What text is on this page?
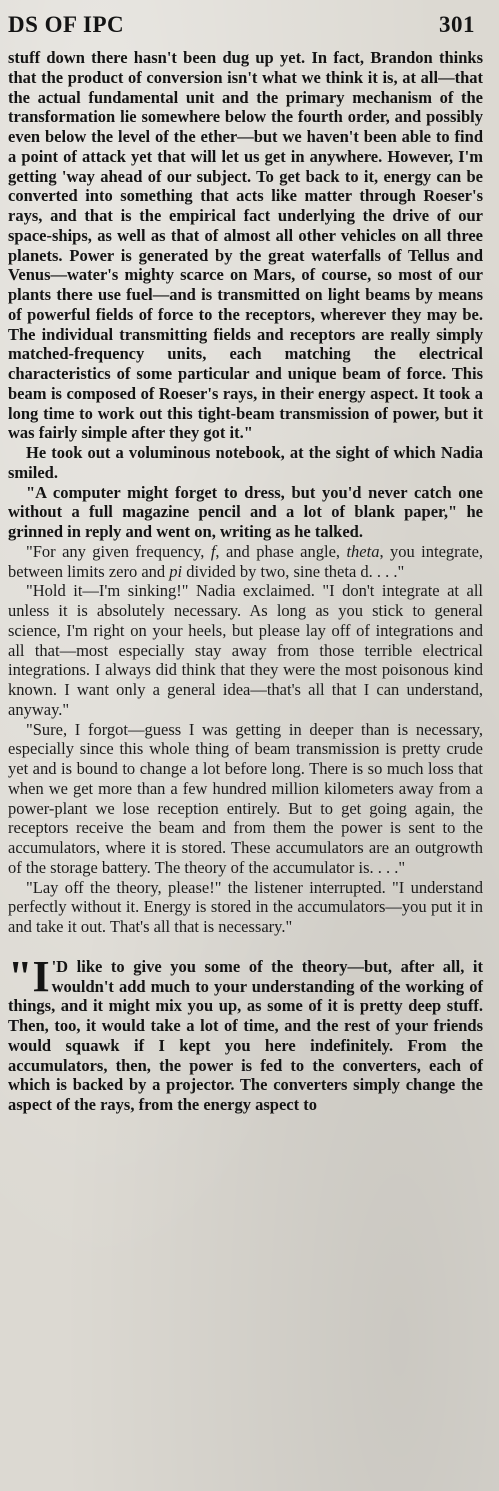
DS OF IPC	301

stuff down there hasn't been dug up yet. In fact, Brandon thinks that the product of conversion isn't what we think it is, at all—that the actual fundamental unit and the primary mechanism of the transformation lie somewhere below the fourth order, and possibly even below the level of the ether—but we haven't been able to find a point of attack yet that will let us get in anywhere. However, I'm getting 'way ahead of our subject. To get back to it, energy can be converted into something that acts like matter through Roeser's rays, and that is the empirical fact underlying the drive of our space-ships, as well as that of almost all other vehicles on all three planets. Power is generated by the great waterfalls of Tellus and Venus—water's mighty scarce on Mars, of course, so most of our plants there use fuel—and is transmitted on light beams by means of powerful fields of force to the receptors, wherever they may be. The individual transmitting fields and receptors are really simply matched-frequency units, each matching the electrical characteristics of some particular and unique beam of force. This beam is composed of Roeser's rays, in their energy aspect. It took a long time to work out this tight-beam transmission of power, but it was fairly simple after they got it."

He took out a voluminous notebook, at the sight of which Nadia smiled.

"A computer might forget to dress, but you'd never catch one without a full magazine pencil and a lot of blank paper," he grinned in reply and went on, writing as he talked.

"For any given frequency, f, and phase angle, theta, you integrate, between limits zero and pi divided by two, sine theta d. . . ."

"Hold it—I'm sinking!" Nadia exclaimed. "I don't integrate at all unless it is absolutely necessary. As long as you stick to general science, I'm right on your heels, but please lay off of integrations and all that—most especially stay away from those terrible electrical integrations. I always did think that they were the most poisonous kind known. I want only a general idea—that's all that I can understand, anyway."

"Sure, I forgot—guess I was getting in deeper than is necessary, especially since this whole thing of beam transmission is pretty crude yet and is bound to change a lot before long. There is so much loss that when we get more than a few hundred million kilometers away from a power-plant we lose reception entirely. But to get going again, the receptors receive the beam and from them the power is sent to the accumulators, where it is stored. These accumulators are an outgrowth of the storage battery. The theory of the accumulator is. . . ."

"Lay off the theory, please!" the listener interrupted. "I understand perfectly without it. Energy is stored in the accumulators—you put it in and take it out. That's all that is necessary."

"I 'D like to give you some of the theory—but, after all, it wouldn't add much to your understanding of the working of things, and it might mix you up, as some of it is pretty deep stuff. Then, too, it would take a lot of time, and the rest of your friends would squawk if I kept you here indefinitely. From the accumulators, then, the power is fed to the converters, each of which is backed by a projector. The converters simply change the aspect of the rays, from the energy aspect to
